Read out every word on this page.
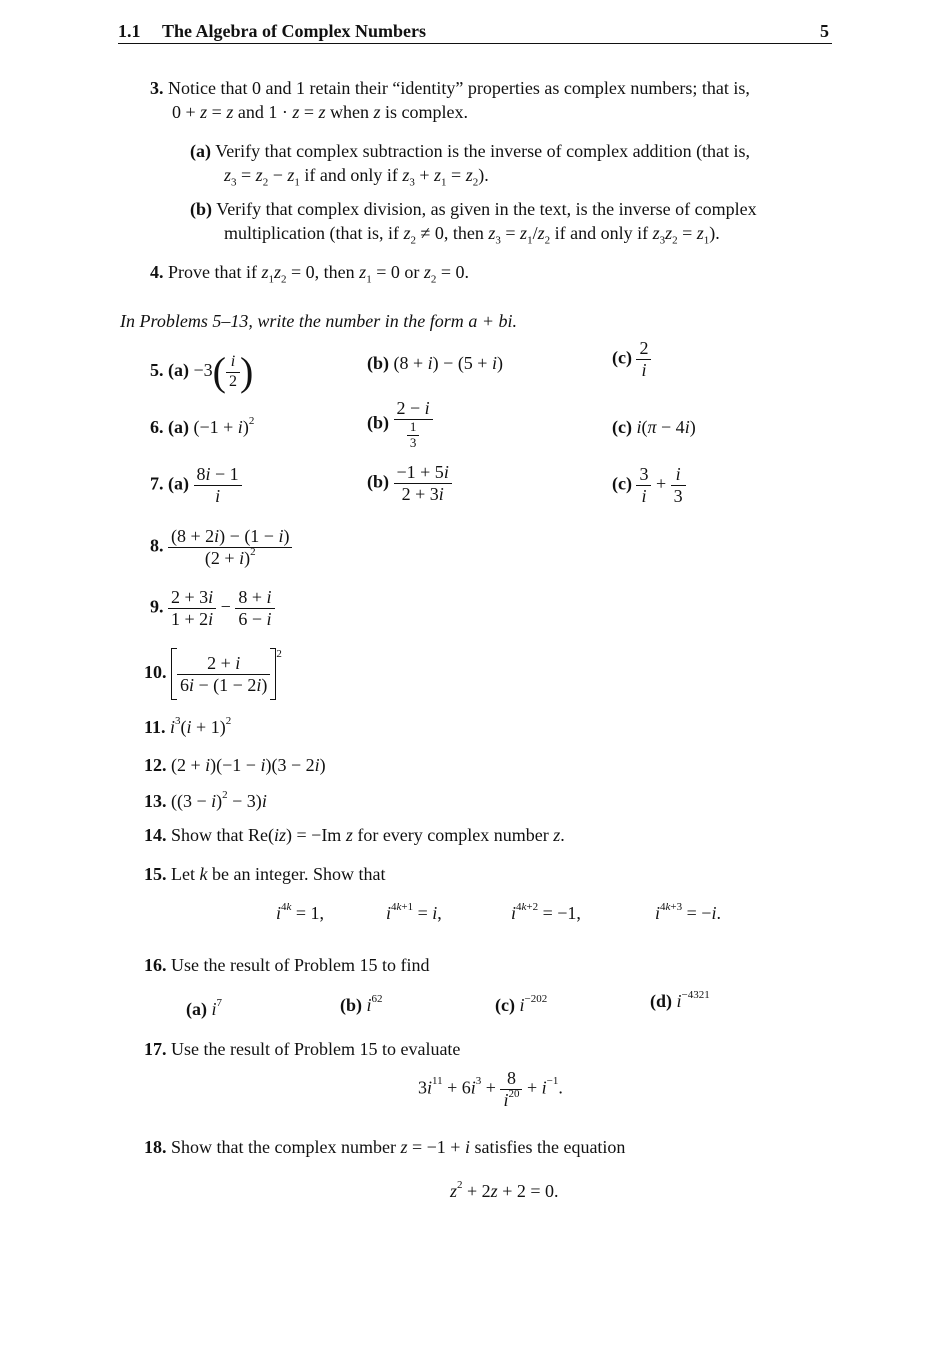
1.1 The Algebra of Complex Numbers	5
3. Notice that 0 and 1 retain their “identity” properties as complex numbers; that is,
0 + z = z and 1 · z = z when z is complex.
(a) Verify that complex subtraction is the inverse of complex addition (that is,
$z_3 = z_2 - z_1$ if and only if $z_3 + z_1 = z_2$).
(b) Verify that complex division, as given in the text, is the inverse of complex
multiplication (that is, if $z_2 \ne 0$, then $z_3 = z_1/z_2$ if and only if $z_3z_2 = z_1$).
4. Prove that if $z_1z_2 = 0$, then $z_1 = 0$ or $z_2 = 0$.
In Problems 5–13, write the number in the form a + bi.
5. $(a) -3( \frac{i}{2}$ )	(b) (8 + i) − (5 + i)	$(c) \frac{2}{i}$
6. (a) $(-1 + i)^2$	$(b) \frac{2 - i}{\frac{1}{3}}$	(c) i(π − 4i)
7. $(a) \frac{8i - 1}{i}$	$(b) \frac{-1 + 5i}{2 + 3i}$	$(c) \frac{3}{i} + \frac{i}{3}$
8. $\frac{(8 + 2i) - (1 - i)}{(2 + i)^2}$
9. $\frac{2 + 3i}{1 + 2i} - \frac{8 + i}{6 - i}$
10. $\frac{2 + i}{6i - (1 - 2i)} ^2$
11. $i^3(i + 1)^2$
12. (2 + i)(−1 − i)(3 − 2i)
13. $((3 - i)^2 - 3)i$
14. Show that Re(iz) = −Im z for every complex number z.
15. Let k be an integer. Show that
$i^{4k} = 1$,	$i^{4k+1} = i$,	$i^{4k+2} = -1$,	$i^{4k+3} = -i$.
16. Use the result of Problem 15 to find
(a) $i^7$	(b) $i^{62}$	(c) $i^{-202}$	(d) $i^{-4321}$
17. Use the result of Problem 15 to evaluate
$3i^{11} + 6i^3 + \frac{8}{i^{20}} + i^{-1}$.
18. Show that the complex number z = −1 + i satisfies the equation
$z^2 + 2z + 2 = 0$.
